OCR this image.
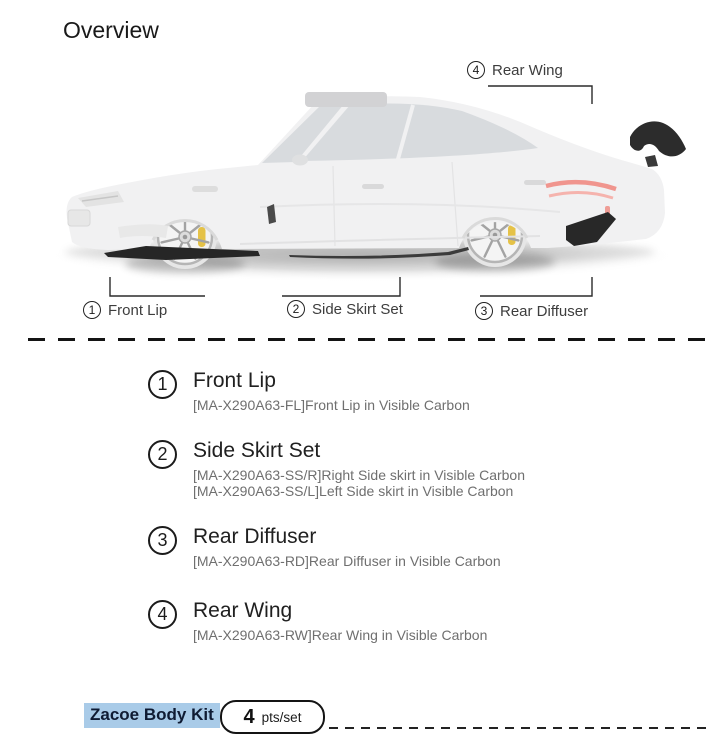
Overview
1 Front Lip	2 Side Skirt Set	3 Rear Diffuser
4 Rear Wing
1	Front Lip
[MA-X290A63-FL]Front Lip in Visible Carbon
2	Side Skirt Set
[MA-X290A63-SS/R]Right Side skirt in Visible Carbon
[MA-X290A63-SS/L]Left Side skirt in Visible Carbon
3	Rear Diffuser
[MA-X290A63-RD]Rear Diffuser in Visible Carbon
4	Rear Wing
[MA-X290A63-RW]Rear Wing in Visible Carbon
Zacoe Body Kit	4 pts/set
